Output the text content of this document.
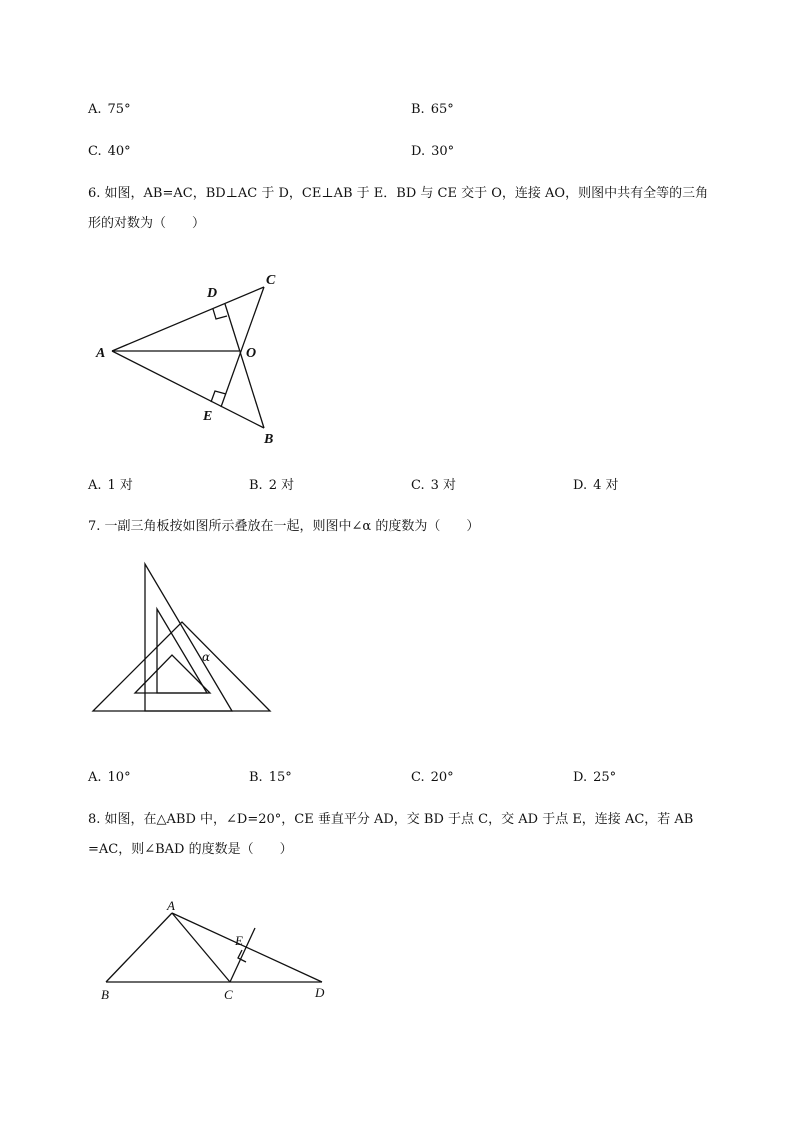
A. 75°	B. 65°
C. 40°	D. 30°
6. 如图，AB=AC，BD⊥AC 于 D，CE⊥AB 于 E．BD 与 CE 交于 O，连接 AO，则图中共有全等的三角
形的对数为（　　）
A
C
D
O
E
B
A. 1 对	B. 2 对	C. 3 对	D. 4 对
7. 一副三角板按如图所示叠放在一起，则图中∠α 的度数为（　　）
α
A. 10°	B. 15°	C. 20°	D. 25°
8. 如图，在△ABD 中，∠D=20°，CE 垂直平分 AD，交 BD 于点 C，交 AD 于点 E，连接 AC，若 AB
=AC，则∠BAD 的度数是（　　）
A
E
B	C	D
